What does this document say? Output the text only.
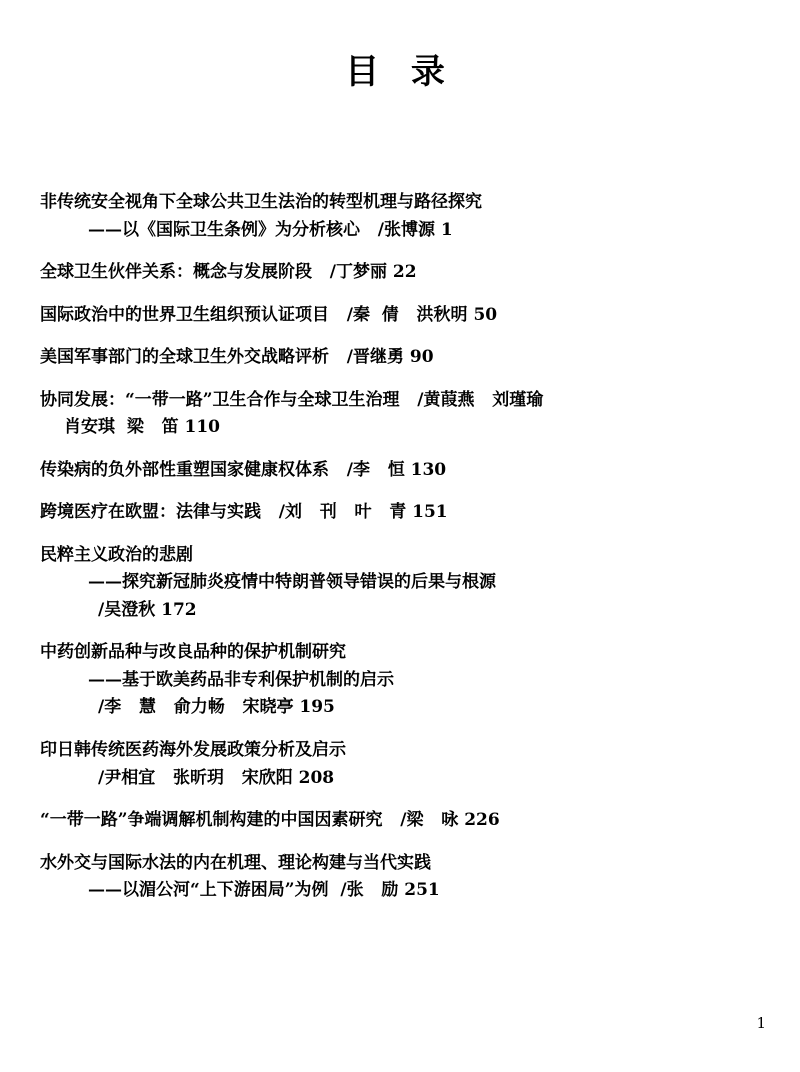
目 录
非传统安全视角下全球公共卫生法治的转型机理与路径探究
——以《国际卫生条例》为分析核心   /张博源 1
全球卫生伙伴关系：概念与发展阶段   /丁梦丽 22
国际政治中的世界卫生组织预认证项目   /秦  倩   洪秋明 50
美国军事部门的全球卫生外交战略评析   /晋继勇 90
协同发展：“一带一路”卫生合作与全球卫生治理   /黄葭燕   刘瑾瑜
肖安琪  梁   笛 110
传染病的负外部性重塑国家健康权体系   /李   恒 130
跨境医疗在欧盟：法律与实践   /刘   刊   叶   青 151
民粹主义政治的悲剧
——探究新冠肺炎疫情中特朗普领导错误的后果与根源
/吴澄秋 172
中药创新品种与改良品种的保护机制研究
——基于欧美药品非专利保护机制的启示
/李   慧   俞力畅   宋晓亭 195
印日韩传统医药海外发展政策分析及启示
/尹相宜   张昕玥   宋欣阳 208
“一带一路”争端调解机制构建的中国因素研究   /梁   咏 226
水外交与国际水法的内在机理、理论构建与当代实践
——以湄公河“上下游困局”为例  /张   励 251
1
